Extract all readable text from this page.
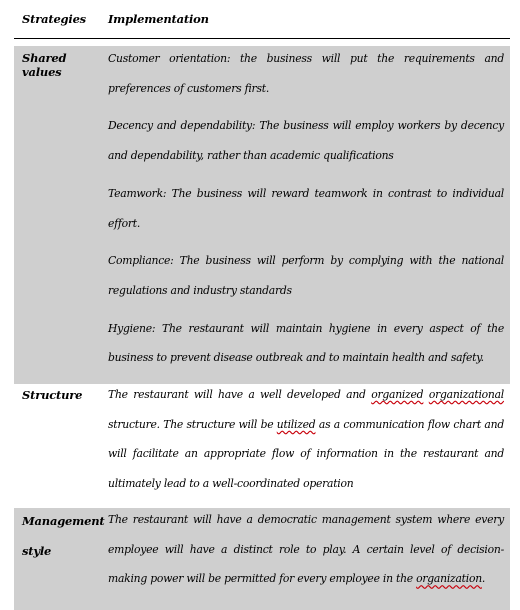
Strategies Implementation
Shared values

Customer orientation: the business will put the requirements and preferences of customers first.

Decency and dependability: The business will employ workers by decency and dependability, rather than academic qualifications

Teamwork: The business will reward teamwork in contrast to individual effort.

Compliance: The business will perform by complying with the national regulations and industry standards

Hygiene: The restaurant will maintain hygiene in every aspect of the business to prevent disease outbreak and to maintain health and safety.

Structure	The restaurant will have a well developed and organized organizational structure. The structure will be utilized as a communication flow chart and will facilitate an appropriate flow of information in the restaurant and ultimately lead to a well-coordinated operation

Management
style

The restaurant will have a democratic management system where every employee will have a distinct role to play. A certain level of decision-making power will be permitted for every employee in the organization.
